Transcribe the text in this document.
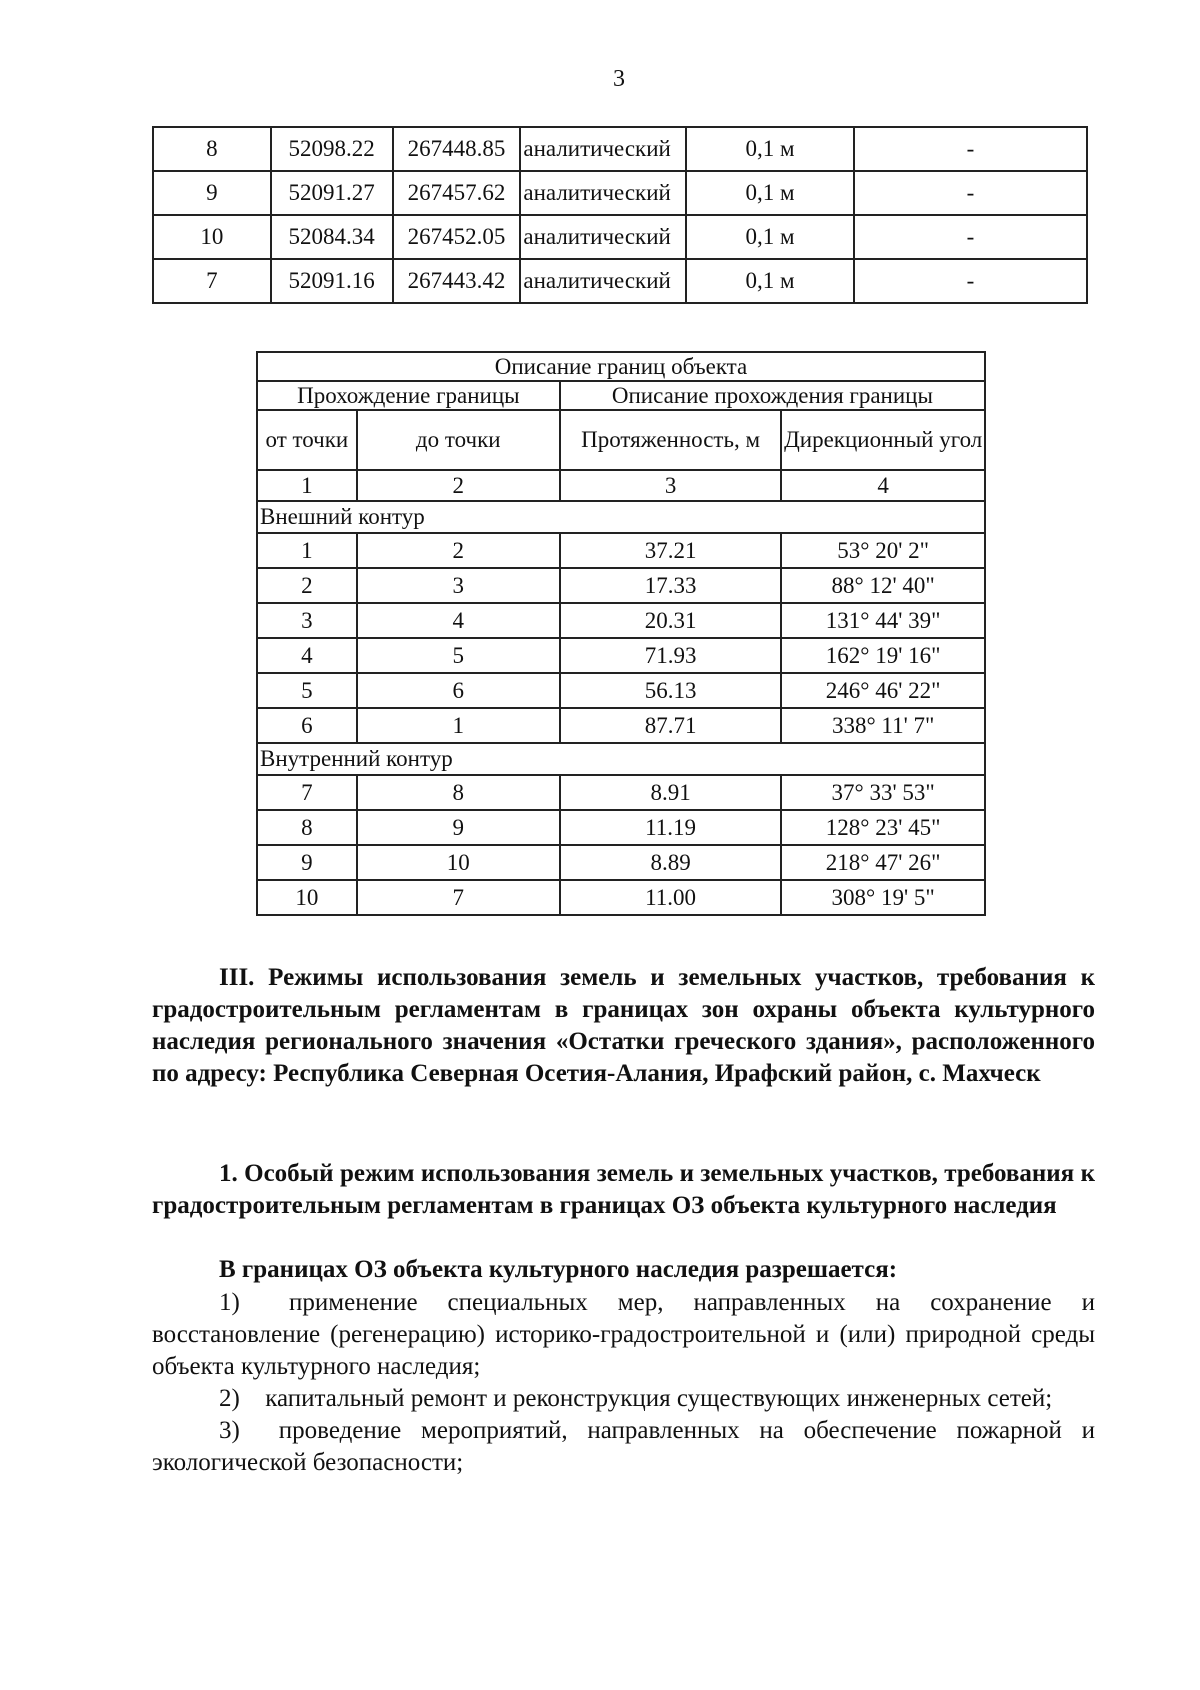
3
8	52098.22	267448.85	аналитический	0,1 м	-
9	52091.27	267457.62	аналитический	0,1 м	-
10	52084.34	267452.05	аналитический	0,1 м	-
7	52091.16	267443.42	аналитический	0,1 м	-
Описание границ объекта			
Прохождение границы		Описание прохождения границы	
от точки	до точки	Протяженность, м	Дирекционный угол
1	2	3	4
Внешний контур			
1	2	37.21	53° 20' 2"
2	3	17.33	88° 12' 40"
3	4	20.31	131° 44' 39"
4	5	71.93	162° 19' 16"
5	6	56.13	246° 46' 22"
6	1	87.71	338° 11' 7"
Внутренний контур			
7	8	8.91	37° 33' 53"
8	9	11.19	128° 23' 45"
9	10	8.89	218° 47' 26"
10	7	11.00	308° 19' 5"

III. Режимы использования земель и земельных участков, требования к градостроительным регламентам в границах зон охраны объекта культурного наследия регионального значения «Остатки греческого здания», расположенного по адресу: Республика Северная Осетия-Алания, Ирафский район, с. Махческ

1. Особый режим использования земель и земельных участков, требования к градостроительным регламентам в границах ОЗ объекта культурного наследия

В границах ОЗ объекта культурного наследия разрешается:

1) применение специальных мер, направленных на сохранение и восстановление (регенерацию) историко-градостроительной и (или) природной среды объекта культурного наследия;

2) капитальный ремонт и реконструкция существующих инженерных сетей;

3) проведение мероприятий, направленных на обеспечение пожарной и экологической безопасности;
